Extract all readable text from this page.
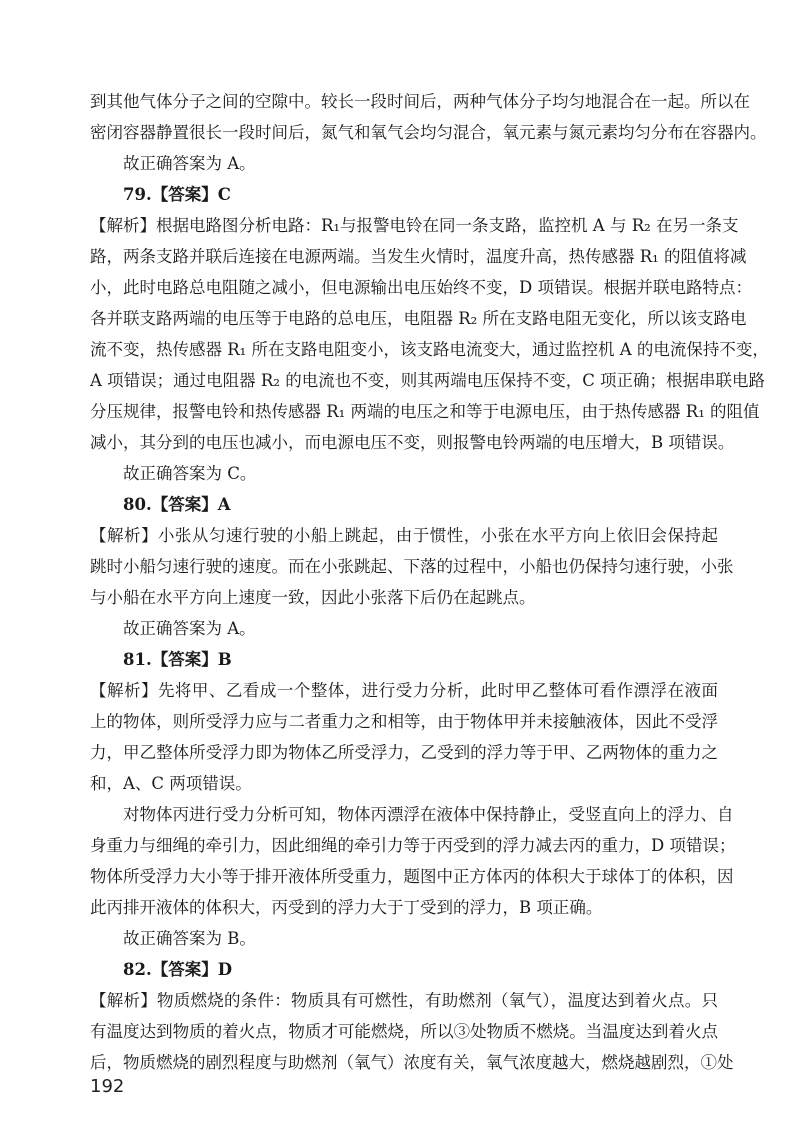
到其他气体分子之间的空隙中。较长一段时间后，两种气体分子均匀地混合在一起。所以在
密闭容器静置很长一段时间后，氮气和氧气会均匀混合，氧元素与氮元素均匀分布在容器内。
故正确答案为 A。
79.【答案】C
【解析】根据电路图分析电路：R₁与报警电铃在同一条支路，监控机 A 与 R₂ 在另一条支
路，两条支路并联后连接在电源两端。当发生火情时，温度升高，热传感器 R₁ 的阻值将减
小，此时电路总电阻随之减小，但电源输出电压始终不变，D 项错误。根据并联电路特点：
各并联支路两端的电压等于电路的总电压，电阻器 R₂ 所在支路电阻无变化，所以该支路电
流不变，热传感器 R₁ 所在支路电阻变小，该支路电流变大，通过监控机 A 的电流保持不变，
A 项错误；通过电阻器 R₂ 的电流也不变，则其两端电压保持不变，C 项正确；根据串联电路
分压规律，报警电铃和热传感器 R₁ 两端的电压之和等于电源电压，由于热传感器 R₁ 的阻值
减小，其分到的电压也减小，而电源电压不变，则报警电铃两端的电压增大，B 项错误。
故正确答案为 C。
80.【答案】A
【解析】小张从匀速行驶的小船上跳起，由于惯性，小张在水平方向上依旧会保持起
跳时小船匀速行驶的速度。而在小张跳起、下落的过程中，小船也仍保持匀速行驶，小张
与小船在水平方向上速度一致，因此小张落下后仍在起跳点。
故正确答案为 A。
81.【答案】B
【解析】先将甲、乙看成一个整体，进行受力分析，此时甲乙整体可看作漂浮在液面
上的物体，则所受浮力应与二者重力之和相等，由于物体甲并未接触液体，因此不受浮
力，甲乙整体所受浮力即为物体乙所受浮力，乙受到的浮力等于甲、乙两物体的重力之
和，A、C 两项错误。
对物体丙进行受力分析可知，物体丙漂浮在液体中保持静止，受竖直向上的浮力、自
身重力与细绳的牵引力，因此细绳的牵引力等于丙受到的浮力减去丙的重力，D 项错误；
物体所受浮力大小等于排开液体所受重力，题图中正方体丙的体积大于球体丁的体积，因
此丙排开液体的体积大，丙受到的浮力大于丁受到的浮力，B 项正确。
故正确答案为 B。
82.【答案】D
【解析】物质燃烧的条件：物质具有可燃性，有助燃剂（氧气），温度达到着火点。只
有温度达到物质的着火点，物质才可能燃烧，所以③处物质不燃烧。当温度达到着火点
后，物质燃烧的剧烈程度与助燃剂（氧气）浓度有关，氧气浓度越大，燃烧越剧烈，①处
192
